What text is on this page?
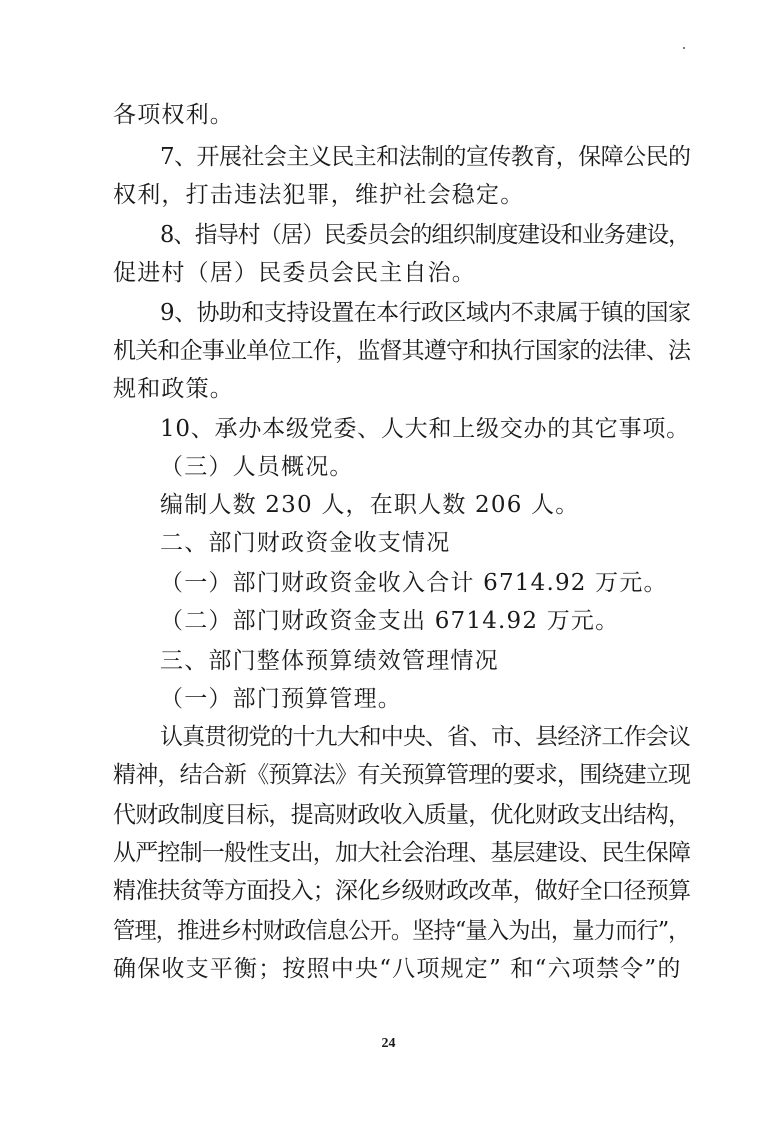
各项权利。
7、开展社会主义民主和法制的宣传教育，保障公民的
权利，打击违法犯罪，维护社会稳定。
8、指导村（居）民委员会的组织制度建设和业务建设，
促进村（居）民委员会民主自治。
9、协助和支持设置在本行政区域内不隶属于镇的国家
机关和企事业单位工作，监督其遵守和执行国家的法律、法
规和政策。
10、承办本级党委、人大和上级交办的其它事项。
（三）人员概况。
编制人数 230 人，在职人数 206 人。
二、部门财政资金收支情况
（一）部门财政资金收入合计 6714.92 万元。
（二）部门财政资金支出 6714.92 万元。
三、部门整体预算绩效管理情况
（一）部门预算管理。
认真贯彻党的十九大和中央、省、市、县经济工作会议
精神，结合新《预算法》有关预算管理的要求，围绕建立现
代财政制度目标，提高财政收入质量，优化财政支出结构，
从严控制一般性支出，加大社会治理、基层建设、民生保障
精准扶贫等方面投入；深化乡级财政改革，做好全口径预算
管理，推进乡村财政信息公开。坚持“量入为出，量力而行”，
确保收支平衡；按照中央“八项规定” 和“六项禁令”的
24
